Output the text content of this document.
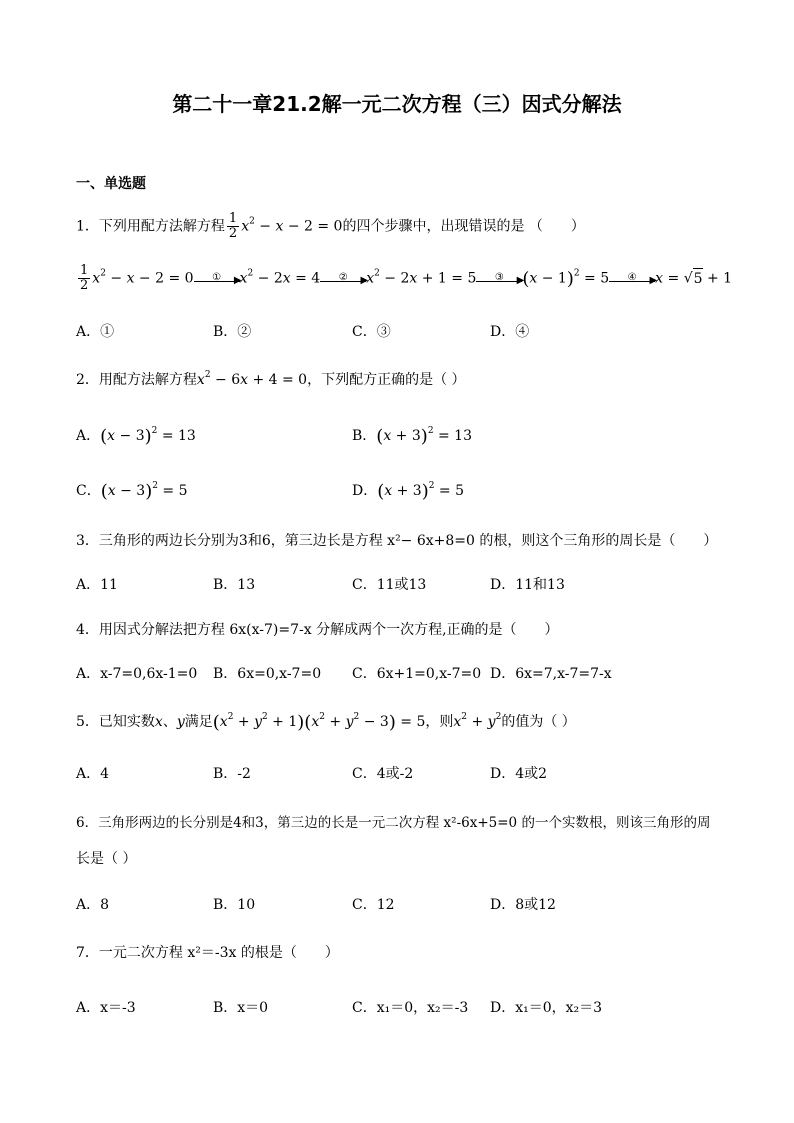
第二十一章21.2解一元二次方程（三）因式分解法
一、单选题
1．下列用配方法解方程 $\frac{1}{2} x^2 - x - 2 = 0$的四个步骤中，出现错误的是 （　　）
$\frac{1}{2} x^2 - x - 2 = 0$	①	▶
$x^2 - 2x = 4$	②	▶
$x^2 - 2x + 1 = 5$	③	▶
$(x - 1)^2 = 5$	④	▶
x = √5 + 1
A．①	B．②	C．③	D．④
2．用配方法解方程$x^2 - 6x + 4 = 0$，下列配方正确的是（ ）
A．$(x - 3)^2 = 13$	B．$(x + 3)^2 = 13$
C．$(x - 3)^2 = 5$	D．$(x + 3)^2 = 5$
3．三角形的两边长分别为3和6，第三边长是方程 x²− 6x+8=0 的根，则这个三角形的周长是（　　）
A．11	B．13	C．11或13	D．11和13
4．用因式分解法把方程 6x(x-7)=7-x 分解成两个一次方程,正确的是（　　）
A．x-7=0,6x-1=0 B．6x=0,x-7=0 C．6x+1=0,x-7=0 D．6x=7,x-7=7-x
5．已知实数x、y满足$(x^2 + y^2 + 1)(x^2 + y^2 - 3) = 5$，则$x^2 + y^2$的值为（ ）
A．4	B．-2	C．4或-2	D．4或2
6．三角形两边的长分别是4和3，第三边的长是一元二次方程 x²-6x+5=0 的一个实数根，则该三角形的周
长是（ ）
A．8	B．10	C．12	D．8或12
7．一元二次方程 x²＝-3x 的根是（　　）
A．x＝-3	B．x＝0	C．x₁＝0，x₂＝-3 D．x₁＝0，x₂＝3
